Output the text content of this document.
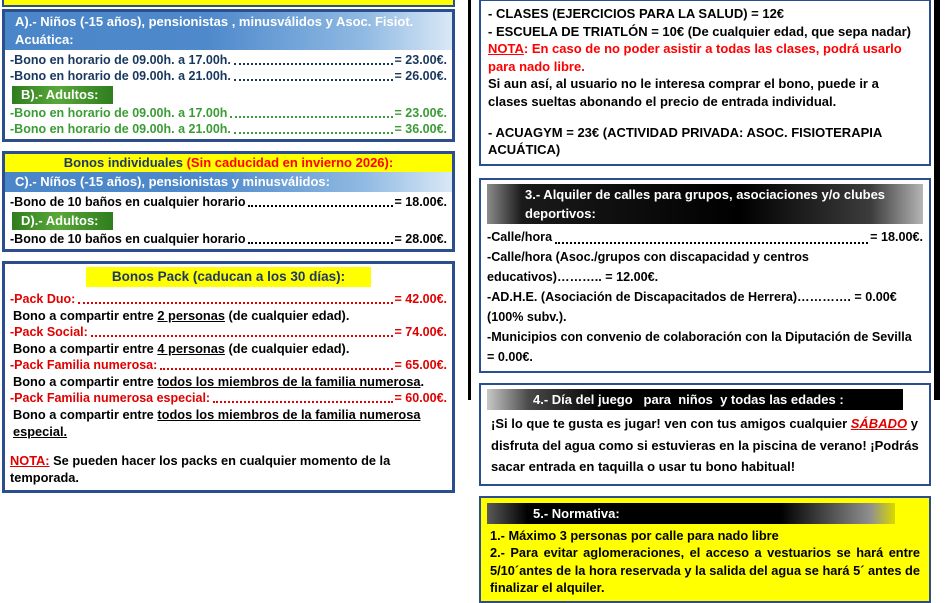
A).- Niños (-15 años), pensionistas , minusválidos y Asoc. Fisiot. Acuática:
-Bono en horario de 09.00h. a 17.00h.	= 23.00€.
-Bono en horario de 09.00h. a 21.00h.	= 26.00€.
B).- Adultos:
-Bono en horario de 09.00h. a 17.00h	= 23.00€.
-Bono en horario de 09.00h. a 21.00h.	= 36.00€.
Bonos individuales (Sin caducidad en invierno 2026):
C).- Níños (-15 años), pensionistas y minusválidos:
-Bono de 10 baños en cualquier horario	= 18.00€.
D).- Adultos:
-Bono de 10 baños en cualquier horario	= 28.00€.
Bonos Pack (caducan a los 30 días):
-Pack Duo:	= 42.00€.
Bono a compartir entre 2 personas (de cualquier edad).
-Pack Social:	= 74.00€.
Bono a compartir entre 4 personas (de cualquier edad).
-Pack Familia numerosa:	= 65.00€.
Bono a compartir entre todos los miembros de la familia numerosa.
-Pack Familia numerosa especial:	= 60.00€.
Bono a compartir entre todos los miembros de la familia numerosa especial.
NOTA: Se pueden hacer los packs en cualquier momento de la temporada.
- CLASES (EJERCICIOS PARA LA SALUD) = 12€
- ESCUELA DE TRIATLÓN = 10€ (De cualquier edad, que sepa nadar)
NOTA: En caso de no poder asistir a todas las clases, podrá usarlo para nado libre.
Si aun así, al usuario no le interesa comprar el bono, puede ir a clases sueltas abonando el precio de entrada individual.
- ACUAGYM = 23€ (ACTIVIDAD PRIVADA: ASOC. FISIOTERAPIA ACUÁTICA)
3.- Alquiler de calles para grupos, asociaciones y/o clubes deportivos:
-Calle/hora	= 18.00€.
-Calle/hora (Asoc./grupos con discapacidad y centros educativos)……….. = 12.00€.
-AD.H.E. (Asociación de Discapacitados de Herrera)…………. = 0.00€ (100% subv.).
-Municipios con convenio de colaboración con la Diputación de Sevilla    = 0.00€.
4.- Día del juego   para  niños  y todas las edades :
¡Si lo que te gusta es jugar! ven con tus amigos cualquier SÁBADO y disfruta del agua como si estuvieras en la piscina de verano! ¡Podrás sacar entrada en taquilla o usar tu bono habitual!
5.- Normativa:
1.- Máximo 3 personas por calle para nado libre
2.- Para evitar aglomeraciones, el acceso a vestuarios se hará entre 5/10´antes de la hora reservada y la salida del agua se hará 5´ antes de finalizar el alquiler.
